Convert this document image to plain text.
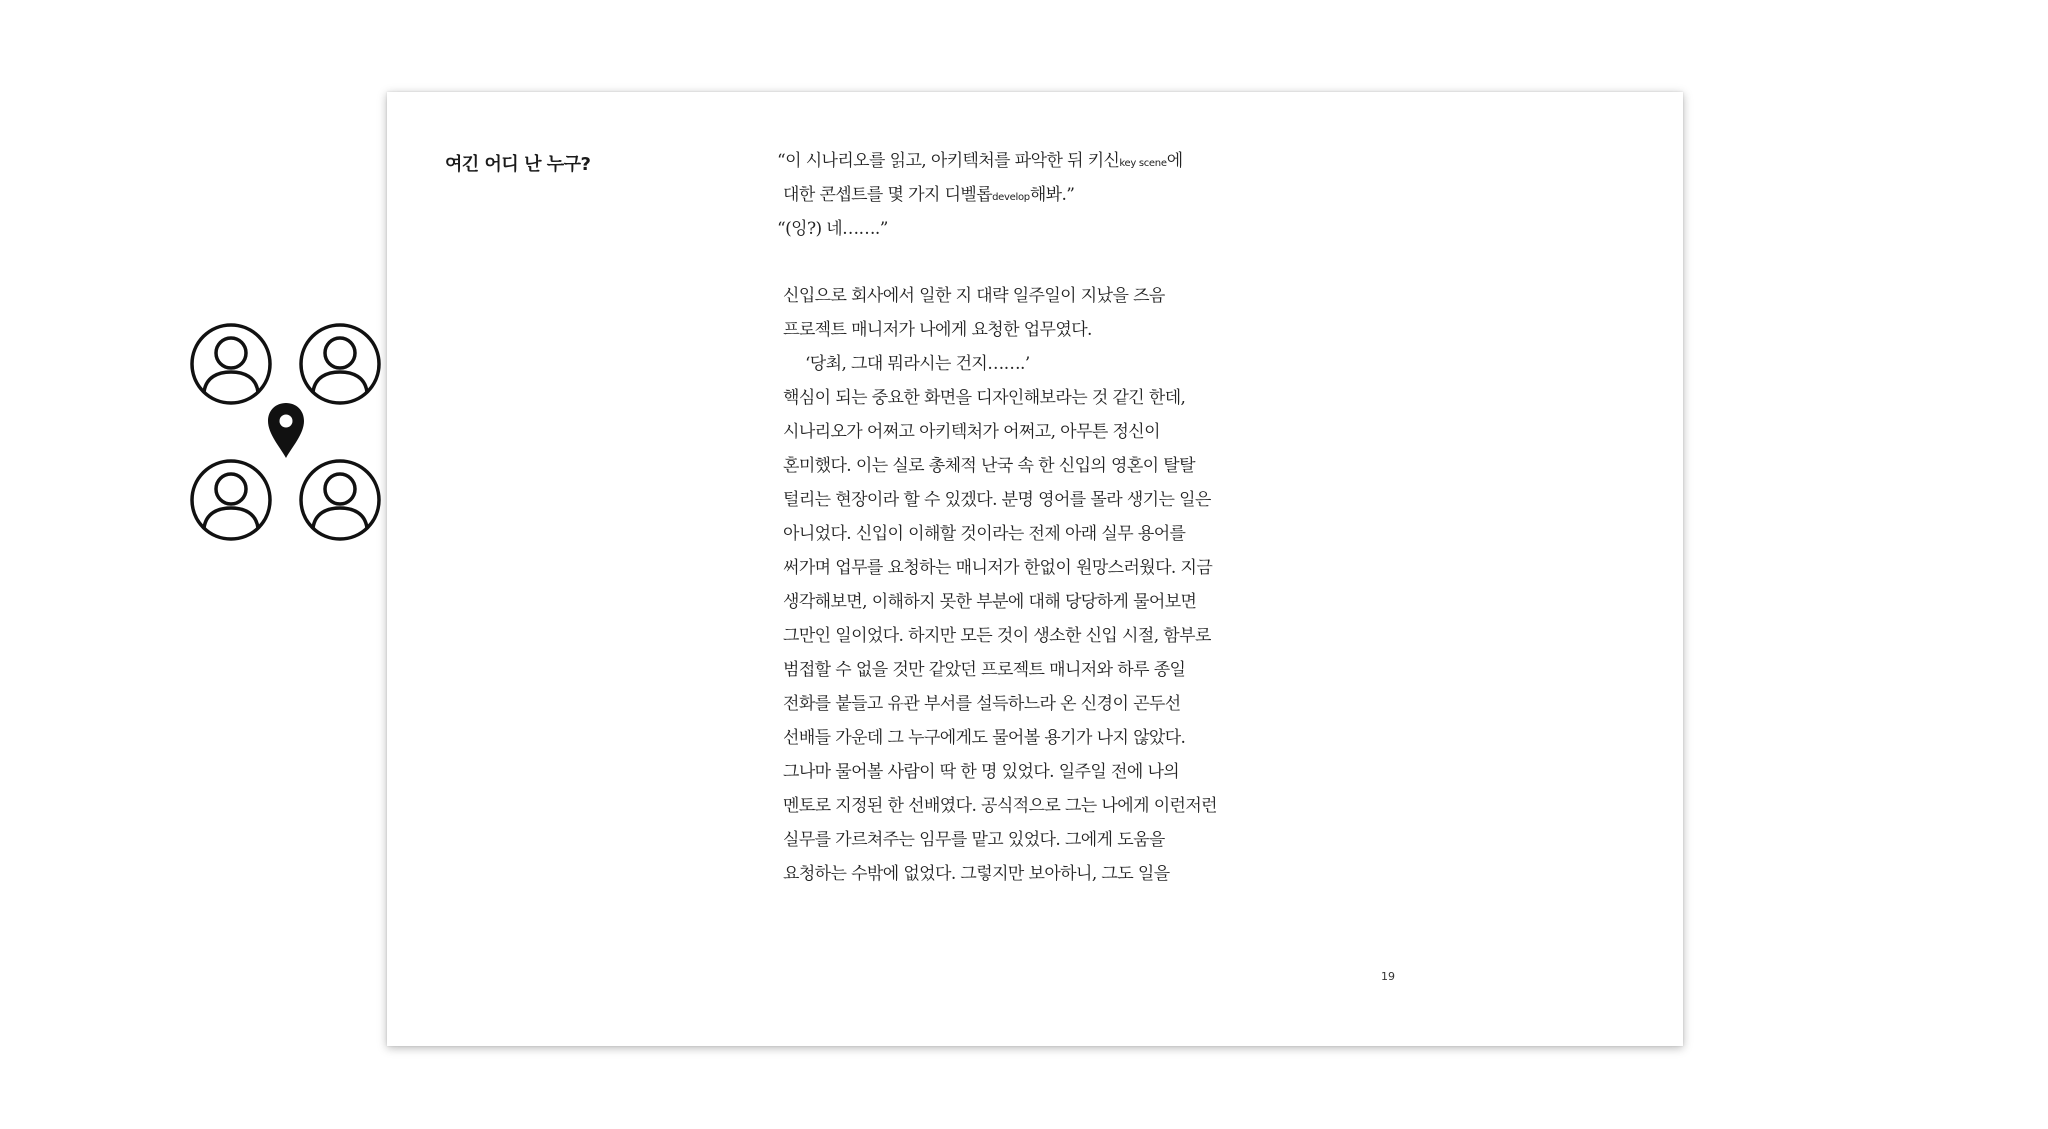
여긴 어디 난 누구?	“이 시나리오를 읽고, 아키텍처를 파악한 뒤 키신key scene에
대한 콘셉트를 몇 가지 디벨롭develop해봐.”
“(잉?) 네…….”
신입으로 회사에서 일한 지 대략 일주일이 지났을 즈음
프로젝트 매니저가 나에게 요청한 업무였다.
‘당최, 그대 뭐라시는 건지…….’
핵심이 되는 중요한 화면을 디자인해보라는 것 같긴 한데,
시나리오가 어쩌고 아키텍처가 어쩌고, 아무튼 정신이
혼미했다. 이는 실로 총체적 난국 속 한 신입의 영혼이 탈탈
털리는 현장이라 할 수 있겠다. 분명 영어를 몰라 생기는 일은
아니었다. 신입이 이해할 것이라는 전제 아래 실무 용어를
써가며 업무를 요청하는 매니저가 한없이 원망스러웠다. 지금
생각해보면, 이해하지 못한 부분에 대해 당당하게 물어보면
그만인 일이었다. 하지만 모든 것이 생소한 신입 시절, 함부로
범접할 수 없을 것만 같았던 프로젝트 매니저와 하루 종일
전화를 붙들고 유관 부서를 설득하느라 온 신경이 곤두선
선배들 가운데 그 누구에게도 물어볼 용기가 나지 않았다.
그나마 물어볼 사람이 딱 한 명 있었다. 일주일 전에 나의
멘토로 지정된 한 선배였다. 공식적으로 그는 나에게 이런저런
실무를 가르쳐주는 임무를 맡고 있었다. 그에게 도움을
요청하는 수밖에 없었다. 그렇지만 보아하니, 그도 일을
19
